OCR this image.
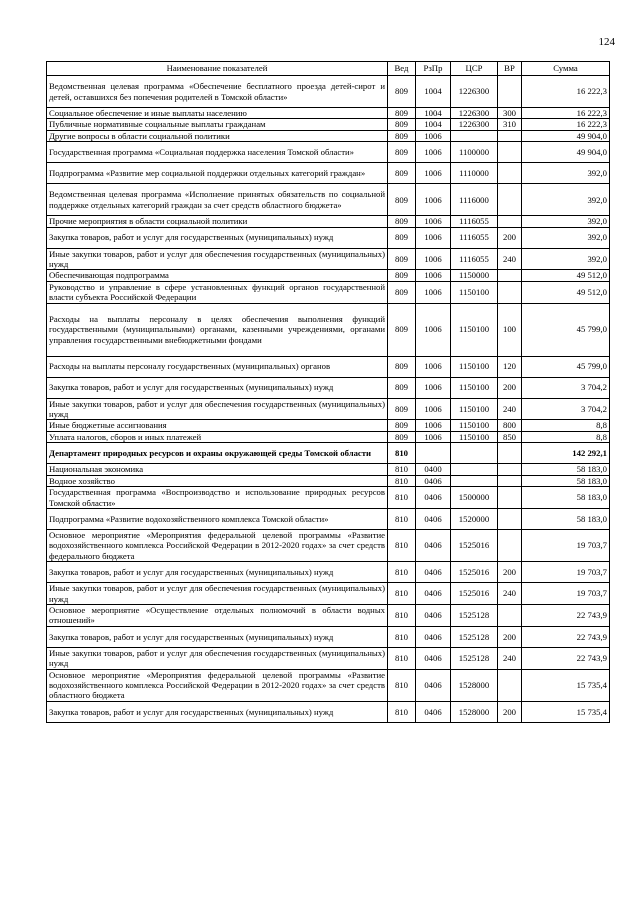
124
Наименование показателей	Вед	РзПр	ЦСР	ВР	Сумма
Ведомственная целевая программа «Обеспечение бесплатного проезда детей-сирот и детей, оставшихся без попечения родителей в Томской области»	809	1004	1226300		16 222,3
Социальное обеспечение и иные выплаты населению	809	1004	1226300	300	16 222,3
Публичные нормативные социальные выплаты гражданам	809	1004	1226300	310	16 222,3
Другие вопросы в области социальной политики	809	1006			49 904,0
Государственная программа «Социальная поддержка населения Томской области»	809	1006	1100000		49 904,0
Подпрограмма «Развитие мер социальной поддержки отдельных категорий граждан»	809	1006	1110000		392,0
Ведомственная целевая программа «Исполнение принятых обязательств по социальной поддержке отдельных категорий граждан за счет средств областного бюджета»	809	1006	1116000		392,0
Прочие мероприятия в области социальной политики	809	1006	1116055		392,0
Закупка товаров, работ и услуг для государственных (муниципальных) нужд	809	1006	1116055	200	392,0
Иные закупки товаров, работ и услуг для обеспечения государственных (муниципальных) нужд	809	1006	1116055	240	392,0
Обеспечивающая подпрограмма	809	1006	1150000		49 512,0
Руководство и управление в сфере установленных функций органов государственной власти субъекта Российской Федерации	809	1006	1150100		49 512,0
Расходы на выплаты персоналу в целях обеспечения выполнения функций государственными (муниципальными) органами, казенными учреждениями, органами управления государственными внебюджетными фондами	809	1006	1150100	100	45 799,0
Расходы на выплаты персоналу государственных (муниципальных) органов	809	1006	1150100	120	45 799,0
Закупка товаров, работ и услуг для государственных (муниципальных) нужд	809	1006	1150100	200	3 704,2
Иные закупки товаров, работ и услуг для обеспечения государственных (муниципальных) нужд	809	1006	1150100	240	3 704,2
Иные бюджетные ассигнования	809	1006	1150100	800	8,8
Уплата налогов, сборов и иных платежей	809	1006	1150100	850	8,8
Департамент природных ресурсов и охраны окружающей среды Томской области	810				142 292,1
Национальная экономика	810	0400			58 183,0
Водное хозяйство	810	0406			58 183,0
Государственная программа «Воспроизводство и использование природных ресурсов Томской области»	810	0406	1500000		58 183,0
Подпрограмма «Развитие водохозяйственного комплекса Томской области»	810	0406	1520000		58 183,0
Основное мероприятие «Мероприятия федеральной целевой программы «Развитие водохозяйственного комплекса Российской Федерации в 2012-2020 годах» за счет средств федерального бюджета	810	0406	1525016		19 703,7
Закупка товаров, работ и услуг для государственных (муниципальных) нужд	810	0406	1525016	200	19 703,7
Иные закупки товаров, работ и услуг для обеспечения государственных (муниципальных) нужд	810	0406	1525016	240	19 703,7
Основное мероприятие «Осуществление отдельных полномочий в области водных отношений»	810	0406	1525128		22 743,9
Закупка товаров, работ и услуг для государственных (муниципальных) нужд	810	0406	1525128	200	22 743,9
Иные закупки товаров, работ и услуг для обеспечения государственных (муниципальных) нужд	810	0406	1525128	240	22 743,9
Основное мероприятие «Мероприятия федеральной целевой программы «Развитие водохозяйственного комплекса Российской Федерации в 2012-2020 годах» за счет средств областного бюджета	810	0406	1528000		15 735,4
Закупка товаров, работ и услуг для государственных (муниципальных) нужд	810	0406	1528000	200	15 735,4
